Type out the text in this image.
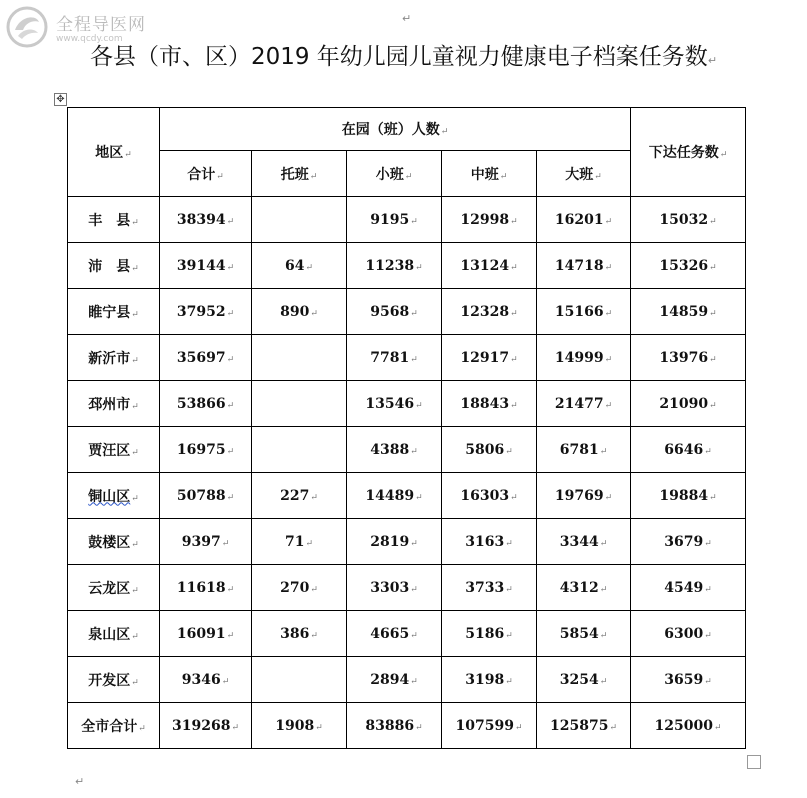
全程导医网
www.qcdy.com
↵
各县（市、区）2019 年幼儿园儿童视力健康电子档案任务数↵
✥
地区↵	在园（班）人数↵					下达任务数↵
	合计↵	托班↵	小班↵	中班↵	大班↵	
丰　县↵	38394↵		9195↵	12998↵	16201↵	15032↵
沛　县↵	39144↵	64↵	11238↵	13124↵	14718↵	15326↵
睢宁县↵	37952↵	890↵	9568↵	12328↵	15166↵	14859↵
新沂市↵	35697↵		7781↵	12917↵	14999↵	13976↵
邳州市↵	53866↵		13546↵	18843↵	21477↵	21090↵
贾汪区↵	16975↵		4388↵	5806↵	6781↵	6646↵
铜山区↵	50788↵	227↵	14489↵	16303↵	19769↵	19884↵
鼓楼区↵	9397↵	71↵	2819↵	3163↵	3344↵	3679↵
云龙区↵	11618↵	270↵	3303↵	3733↵	4312↵	4549↵
泉山区↵	16091↵	386↵	4665↵	5186↵	5854↵	6300↵
开发区↵	9346↵		2894↵	3198↵	3254↵	3659↵
全市合计↵	319268↵	1908↵	83886↵	107599↵	125875↵	125000↵
↵
